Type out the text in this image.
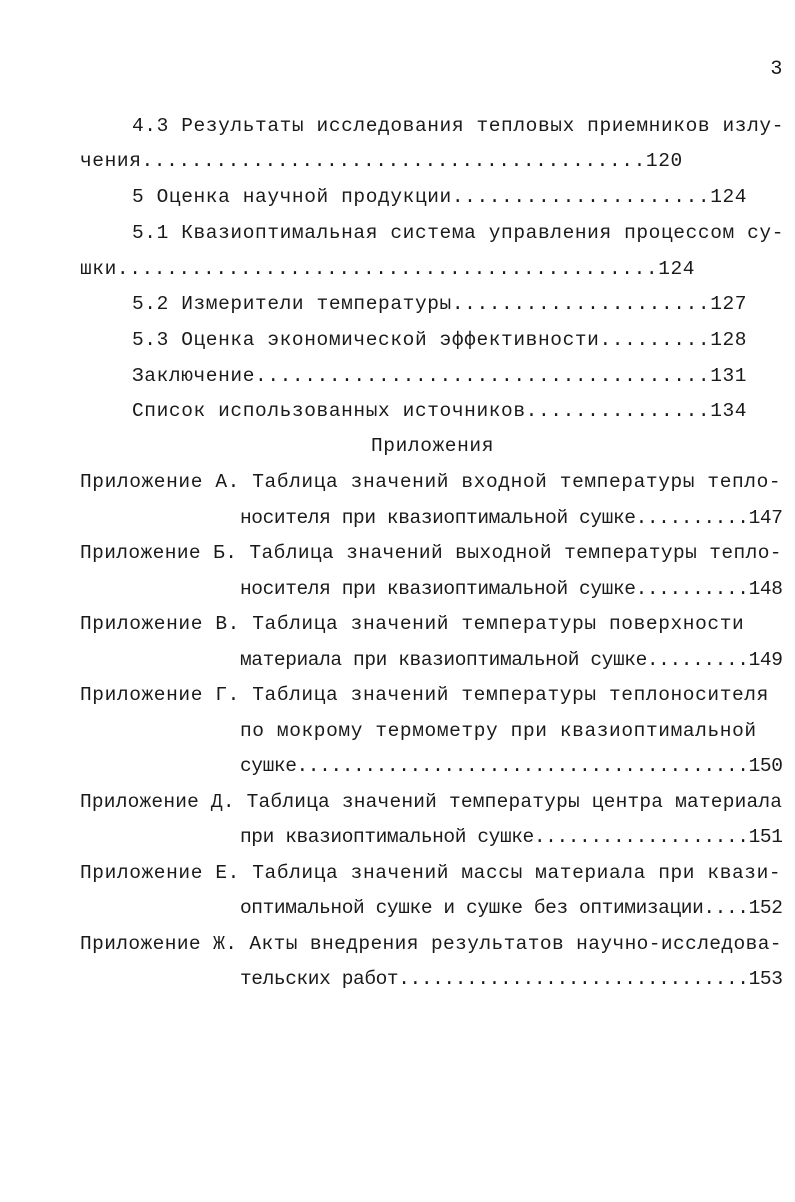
3
4.3 Результаты исследования тепловых приемников излу-
чения.........................................120
5 Оценка научной продукции.....................124
5.1 Квазиоптимальная система управления процессом су-
шки............................................124
5.2 Измерители температуры.....................127
5.3 Оценка экономической эффективности.........128
Заключение.....................................131
Список использованных источников...............134
Приложения
Приложение А. Таблица значений входной температуры тепло-
носителя при квазиоптимальной сушке..........147
Приложение Б. Таблица значений выходной температуры тепло-
носителя при квазиоптимальной сушке..........148
Приложение В. Таблица значений температуры поверхности
материала при квазиоптимальной сушке.........149
Приложение Г. Таблица значений температуры теплоносителя
по мокрому термометру при квазиоптимальной
сушке........................................150
Приложение Д. Таблица значений температуры центра материала
при квазиоптимальной сушке...................151
Приложение Е. Таблица значений массы материала при квази-
оптимальной сушке и сушке без оптимизации....152
Приложение Ж. Акты внедрения результатов научно-исследова-
тельских работ...............................153
